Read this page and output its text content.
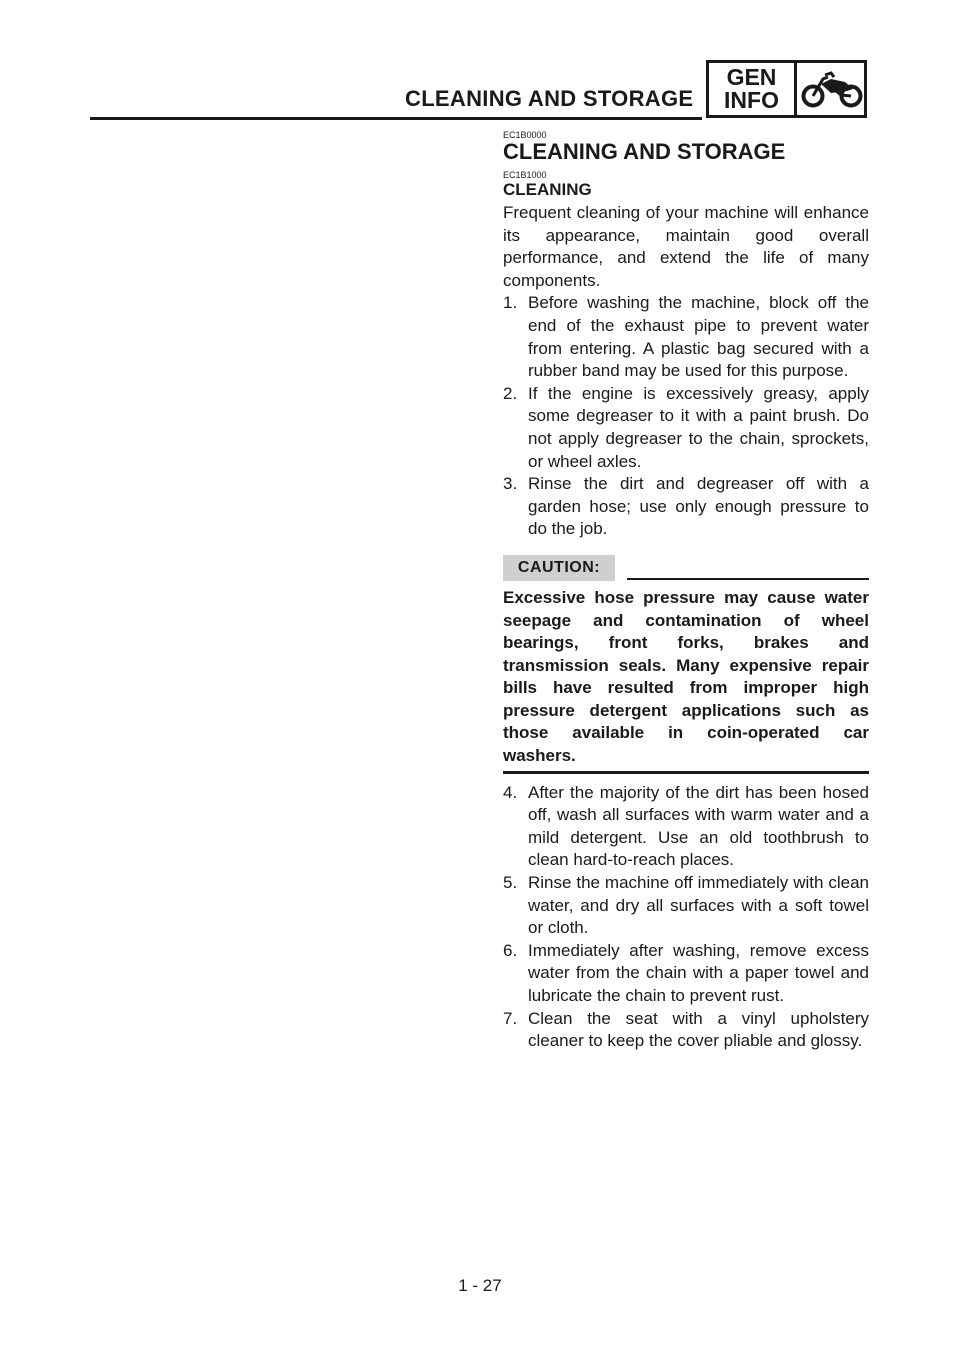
CLEANING AND STORAGE
GEN
INFO
EC1B0000
CLEANING AND STORAGE
EC1B1000
CLEANING

Frequent cleaning of your machine will enhance its appearance, maintain good overall performance, and extend the life of many components.

1. Before washing the machine, block off the end of the exhaust pipe to prevent water from entering. A plastic bag secured with a rubber band may be used for this purpose.
2. If the engine is excessively greasy, apply some degreaser to it with a paint brush. Do not apply degreaser to the chain, sprockets, or wheel axles.
3. Rinse the dirt and degreaser off with a garden hose; use only enough pressure to do the job.
CAUTION:

Excessive hose pressure may cause water seepage and contamination of wheel bearings, front forks, brakes and transmission seals. Many expensive repair bills have resulted from improper high pressure detergent applications such as those available in coin-operated car washers.

4. After the majority of the dirt has been hosed off, wash all surfaces with warm water and a mild detergent. Use an old toothbrush to clean hard-to-reach places.
5. Rinse the machine off immediately with clean water, and dry all surfaces with a soft towel or cloth.
6. Immediately after washing, remove excess water from the chain with a paper towel and lubricate the chain to prevent rust.
7. Clean the seat with a vinyl upholstery cleaner to keep the cover pliable and glossy.
1 - 27
